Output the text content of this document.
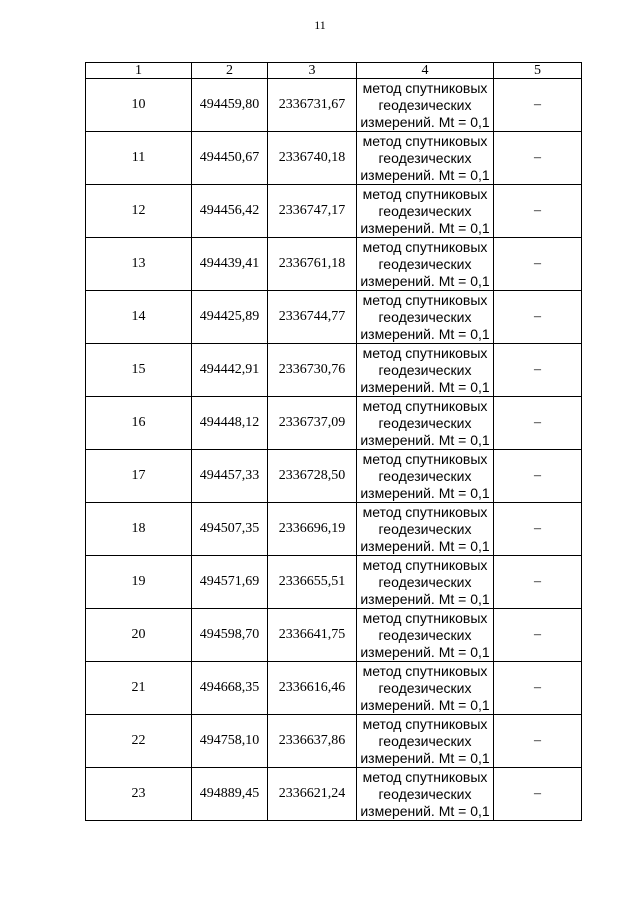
11
1	2	3	4	5
10	494459,80	2336731,67	метод спутниковых
геодезических
измерений. Mt = 0,1	–
11	494450,67	2336740,18	метод спутниковых
геодезических
измерений. Mt = 0,1	–
12	494456,42	2336747,17	метод спутниковых
геодезических
измерений. Mt = 0,1	–
13	494439,41	2336761,18	метод спутниковых
геодезических
измерений. Mt = 0,1	–
14	494425,89	2336744,77	метод спутниковых
геодезических
измерений. Mt = 0,1	–
15	494442,91	2336730,76	метод спутниковых
геодезических
измерений. Mt = 0,1	–
16	494448,12	2336737,09	метод спутниковых
геодезических
измерений. Mt = 0,1	–
17	494457,33	2336728,50	метод спутниковых
геодезических
измерений. Mt = 0,1	–
18	494507,35	2336696,19	метод спутниковых
геодезических
измерений. Mt = 0,1	–
19	494571,69	2336655,51	метод спутниковых
геодезических
измерений. Mt = 0,1	–
20	494598,70	2336641,75	метод спутниковых
геодезических
измерений. Mt = 0,1	–
21	494668,35	2336616,46	метод спутниковых
геодезических
измерений. Mt = 0,1	–
22	494758,10	2336637,86	метод спутниковых
геодезических
измерений. Mt = 0,1	–
23	494889,45	2336621,24	метод спутниковых
геодезических
измерений. Mt = 0,1	–
